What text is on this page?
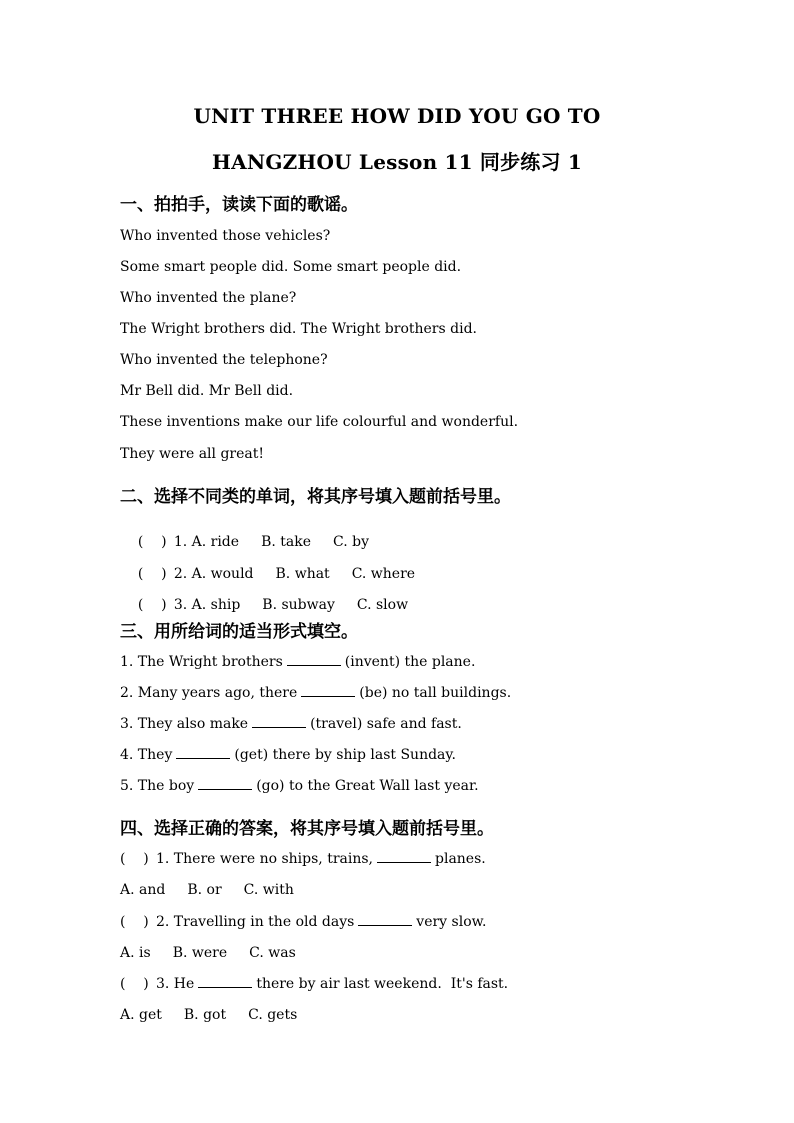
UNIT THREE HOW DID YOU GO TO
HANGZHOU Lesson 11 同步练习 1
一、拍拍手，读读下面的歌谣。
Who invented those vehicles?
Some smart people did. Some smart people did.
Who invented the plane?
The Wright brothers did. The Wright brothers did.
Who invented the telephone?
Mr Bell did. Mr Bell did.
These inventions make our life colourful and wonderful.
They were all great!
二、选择不同类的单词，将其序号填入题前括号里。

(    ) 1. A. ride B. take C. by

(    ) 2. A. would B. what C. where

(    ) 3. A. ship B. subway C. slow

三、用所给词的适当形式填空。
1. The Wright brothers	(invent) the plane.
2. Many years ago, there	(be) no tall buildings.
3. They also make	(travel) safe and fast.
4. They	(get) there by ship last Sunday.
5. The boy	(go) to the Great Wall last year.
四、选择正确的答案，将其序号填入题前括号里。
(    ) 1. There were no ships, trains,	planes.
A. and B. or C. with
(    ) 2. Travelling in the old days	very slow.
A. is B. were C. was
(    ) 3. He	there by air last weekend.  It's fast.
A. get B. got C. gets
